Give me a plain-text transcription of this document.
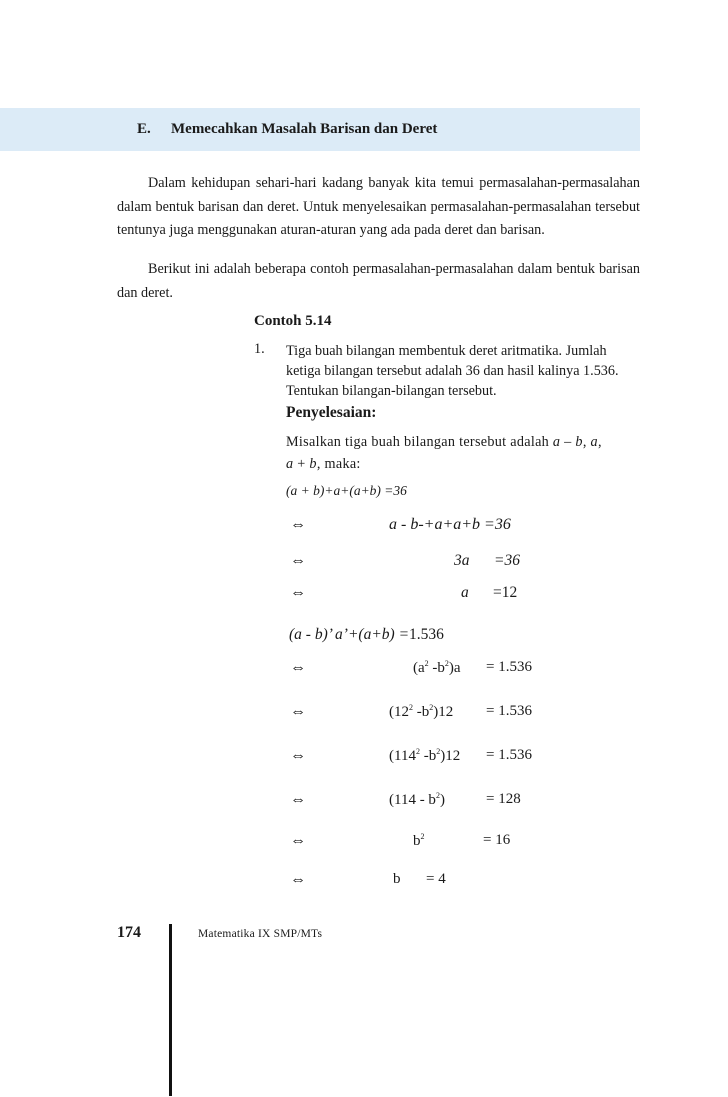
E. Memecahkan Masalah Barisan dan Deret

Dalam kehidupan sehari-hari kadang banyak kita temui permasalahan-permasalahan dalam bentuk barisan dan deret. Untuk menyelesaikan permasalahan-permasalahan tersebut tentunya juga menggunakan aturan-aturan yang ada pada deret dan barisan.

Berikut ini adalah beberapa contoh permasalahan-permasalahan dalam bentuk barisan dan deret.

Contoh 5.14
1. Tiga buah bilangan membentuk deret aritmatika. Jumlah ketiga bilangan tersebut adalah 36 dan hasil kalinya 1.536. Tentukan bilangan-bilangan tersebut.

Penyelesaian:

Misalkan tiga buah bilangan tersebut adalah a – b, a,
a + b, maka:

(a + b)+a+(a+b) =36
⇔	a - b-+a+a+b =36
⇔	3a =36
⇔	a =12
(a - b)’ a’+(a+b) =1.536
⇔	($a^2$ $-b^2)a = 1.536$
⇔	($12^2$ $-b^2)12 = 1.536$
⇔	($114^2$ $-b^2)12 = 1.536$
⇔	$(114 - b^2)$	= 128
⇔	$b^2$	= 16
⇔	b = 4
174	Matematika IX SMP/MTs
